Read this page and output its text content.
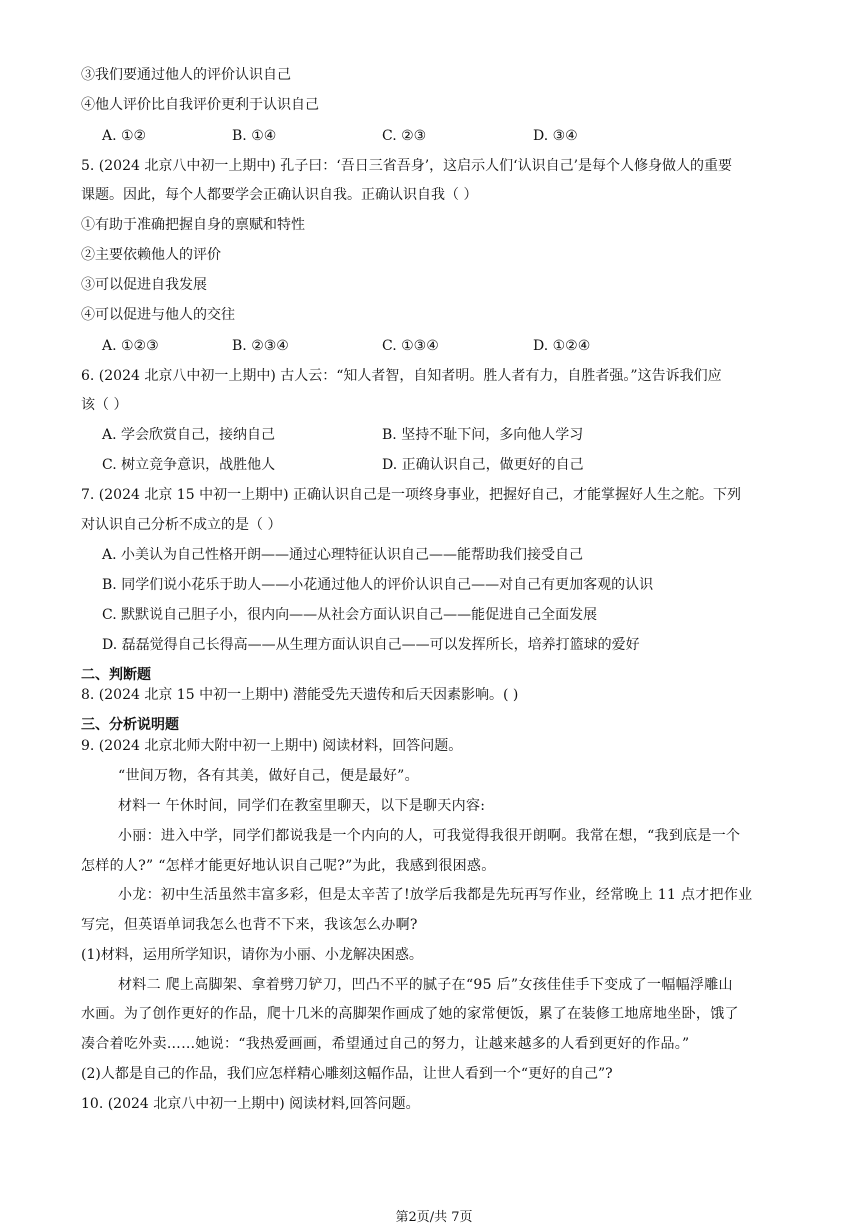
③我们要通过他人的评价认识自己
④他人评价比自我评价更利于认识自己
A. ①②	B. ①④	C. ②③	D. ③④
5. (2024 北京八中初一上期中) 孔子曰：‘吾日三省吾身’，这启示人们‘认识自己’是每个人修身做人的重要
课题。因此，每个人都要学会正确认识自我。正确认识自我（ ）
①有助于准确把握自身的禀赋和特性
②主要依赖他人的评价
③可以促进自我发展
④可以促进与他人的交往
A. ①②③	B. ②③④	C. ①③④	D. ①②④
6. (2024 北京八中初一上期中) 古人云：“知人者智，自知者明。胜人者有力，自胜者强。”这告诉我们应
该（ ）
A. 学会欣赏自己，接纳自己	B. 坚持不耻下问，多向他人学习
C. 树立竞争意识，战胜他人	D. 正确认识自己，做更好的自己
7. (2024 北京 15 中初一上期中) 正确认识自己是一项终身事业，把握好自己，才能掌握好人生之舵。下列
对认识自己分析不成立的是（ ）
A. 小美认为自己性格开朗——通过心理特征认识自己——能帮助我们接受自己
B. 同学们说小花乐于助人——小花通过他人的评价认识自己——对自己有更加客观的认识
C. 默默说自己胆子小，很内向——从社会方面认识自己——能促进自己全面发展
D. 磊磊觉得自己长得高——从生理方面认识自己——可以发挥所长，培养打篮球的爱好
二、判断题
8. (2024 北京 15 中初一上期中) 潜能受先天遗传和后天因素影响。( )
三、分析说明题
9. (2024 北京北师大附中初一上期中) 阅读材料，回答问题。
“世间万物，各有其美，做好自己，便是最好”。
材料一 午休时间，同学们在教室里聊天，以下是聊天内容:
小丽：进入中学，同学们都说我是一个内向的人，可我觉得我很开朗啊。我常在想，“我到底是一个
怎样的人?” “怎样才能更好地认识自己呢?”为此，我感到很困惑。
小龙：初中生活虽然丰富多彩，但是太辛苦了!放学后我都是先玩再写作业，经常晚上 11 点才把作业
写完，但英语单词我怎么也背不下来，我该怎么办啊?
(1)材料，运用所学知识，请你为小丽、小龙解决困惑。
材料二 爬上高脚架、拿着劈刀铲刀，凹凸不平的腻子在“95 后”女孩佳佳手下变成了一幅幅浮雕山
水画。为了创作更好的作品，爬十几米的高脚架作画成了她的家常便饭，累了在装修工地席地坐卧，饿了
凑合着吃外卖……她说：“我热爱画画，希望通过自己的努力，让越来越多的人看到更好的作品。”
(2)人都是自己的作品，我们应怎样精心雕刻这幅作品，让世人看到一个“更好的自己”?
10. (2024 北京八中初一上期中) 阅读材料,回答问题。
第2页/共 7页
